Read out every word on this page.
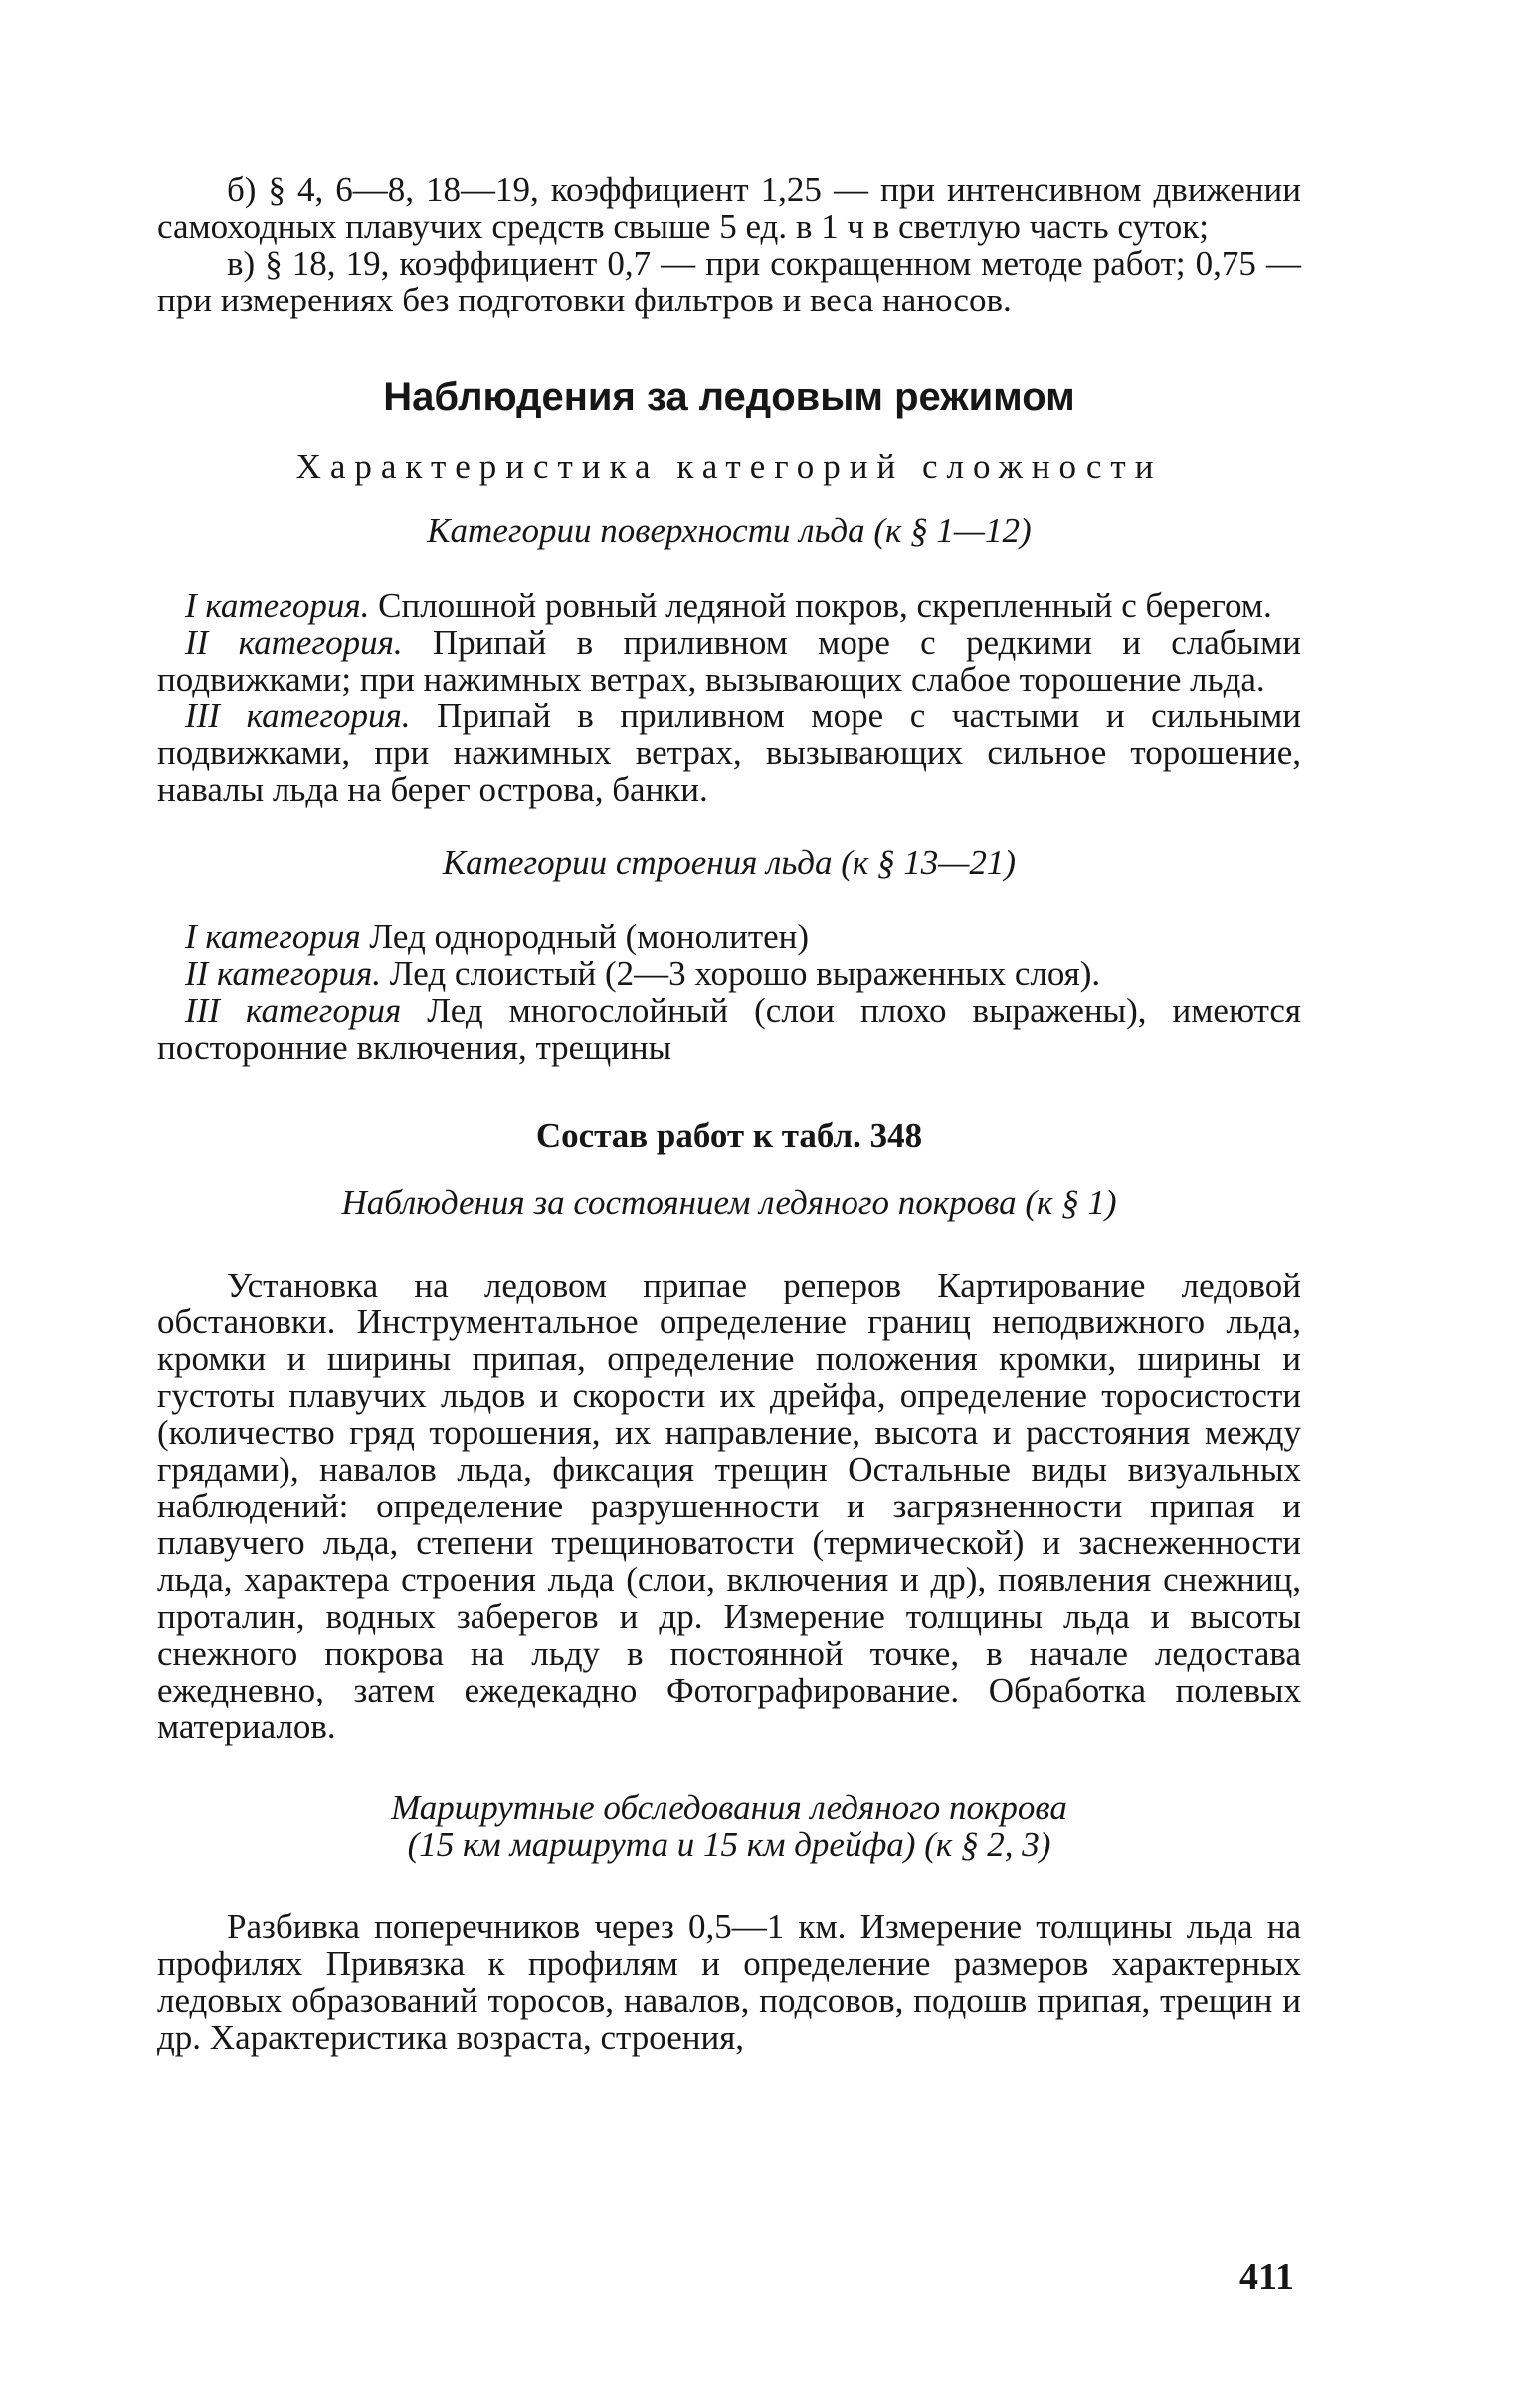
б) § 4, 6—8, 18—19, коэффициент 1,25 — при интенсивном движении самоходных плавучих средств свыше 5 ед. в 1 ч в светлую часть суток;

в) § 18, 19, коэффициент 0,7 — при сокращенном методе работ; 0,75 — при измерениях без подготовки фильтров и веса наносов.

Наблюдения за ледовым режимом
Характеристика категорий сложности
Категории поверхности льда (к § 1—12)

I категория. Сплошной ровный ледяной покров, скрепленный с берегом.

II категория. Припай в приливном море с редкими и слабыми подвижками; при нажимных ветрах, вызывающих слабое торошение льда.

III категория. Припай в приливном море с частыми и сильными подвижками, при нажимных ветрах, вызывающих сильное торошение, навалы льда на берег острова, банки.

Категории строения льда (к § 13—21)

I категория Лед однородный (монолитен)

II категория. Лед слоистый (2—3 хорошо выраженных слоя).

III категория Лед многослойный (слои плохо выражены), имеются посторонние включения, трещины

Состав работ к табл. 348
Наблюдения за состоянием ледяного покрова (к § 1)

Установка на ледовом припае реперов Картирование ледовой обстановки. Инструментальное определение границ неподвижного льда, кромки и ширины припая, определение положения кромки, ширины и густоты плавучих льдов и скорости их дрейфа, определение торосистости (количество гряд торошения, их направление, высота и расстояния между грядами), навалов льда, фиксация трещин Остальные виды визуальных наблюдений: определение разрушенности и загрязненности припая и плавучего льда, степени трещиноватости (термической) и заснеженности льда, характера строения льда (слои, включения и др), появления снежниц, проталин, водных заберегов и др. Измерение толщины льда и высоты снежного покрова на льду в постоянной точке, в начале ледостава ежедневно, затем ежедекадно Фотографирование. Обработка полевых материалов.

Маршрутные обследования ледяного покрова
(15 км маршрута и 15 км дрейфа) (к § 2, 3)

Разбивка поперечников через 0,5—1 км. Измерение толщины льда на профилях Привязка к профилям и определение размеров характерных ледовых образований торосов, навалов, подсовов, подошв припая, трещин и др. Характеристика возраста, строения,

411
